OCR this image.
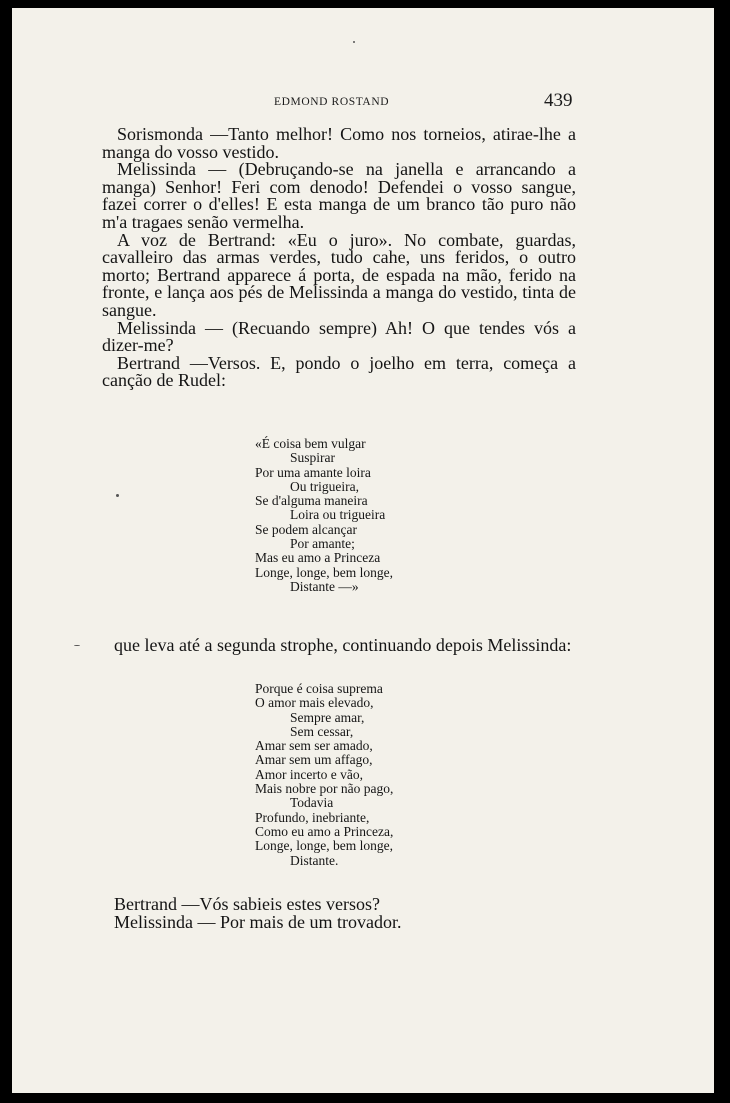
EDMOND ROSTAND	439

Sorismonda —Tanto melhor! Como nos torneios, atirae-lhe a manga do vosso vestido.

Melissinda — (Debruçando-se na janella e arrancando a manga) Senhor! Feri com denodo! Defendei o vosso sangue, fazei correr o d'elles! E esta manga de um branco tão puro não m'a tragaes senão vermelha.

A voz de Bertrand: «Eu o juro». No combate, guardas, cavalleiro das armas verdes, tudo cahe, uns feridos, o outro morto; Bertrand apparece á porta, de espada na mão, ferido na fronte, e lança aos pés de Melissinda a manga do vestido, tinta de sangue.

Melissinda — (Recuando sempre) Ah! O que tendes vós a dizer-me?

Bertrand —Versos. E, pondo o joelho em terra, começa a canção de Rudel:

«É coisa bem vulgar
Suspirar
Por uma amante loira
Ou trigueira,
Se d'alguma maneira
Loira ou trigueira
Se podem alcançar
Por amante;
Mas eu amo a Princeza
Longe, longe, bem longe,
Distante —»
que leva até a segunda strophe, continuando depois Melissinda:
Porque é coisa suprema
O amor mais elevado,
Sempre amar,
Sem cessar,
Amar sem ser amado,
Amar sem um affago,
Amor incerto e vão,
Mais nobre por não pago,
Todavia
Profundo, inebriante,
Como eu amo a Princeza,
Longe, longe, bem longe,
Distante.
Bertrand —Vós sabieis estes versos?
Melissinda — Por mais de um trovador.
